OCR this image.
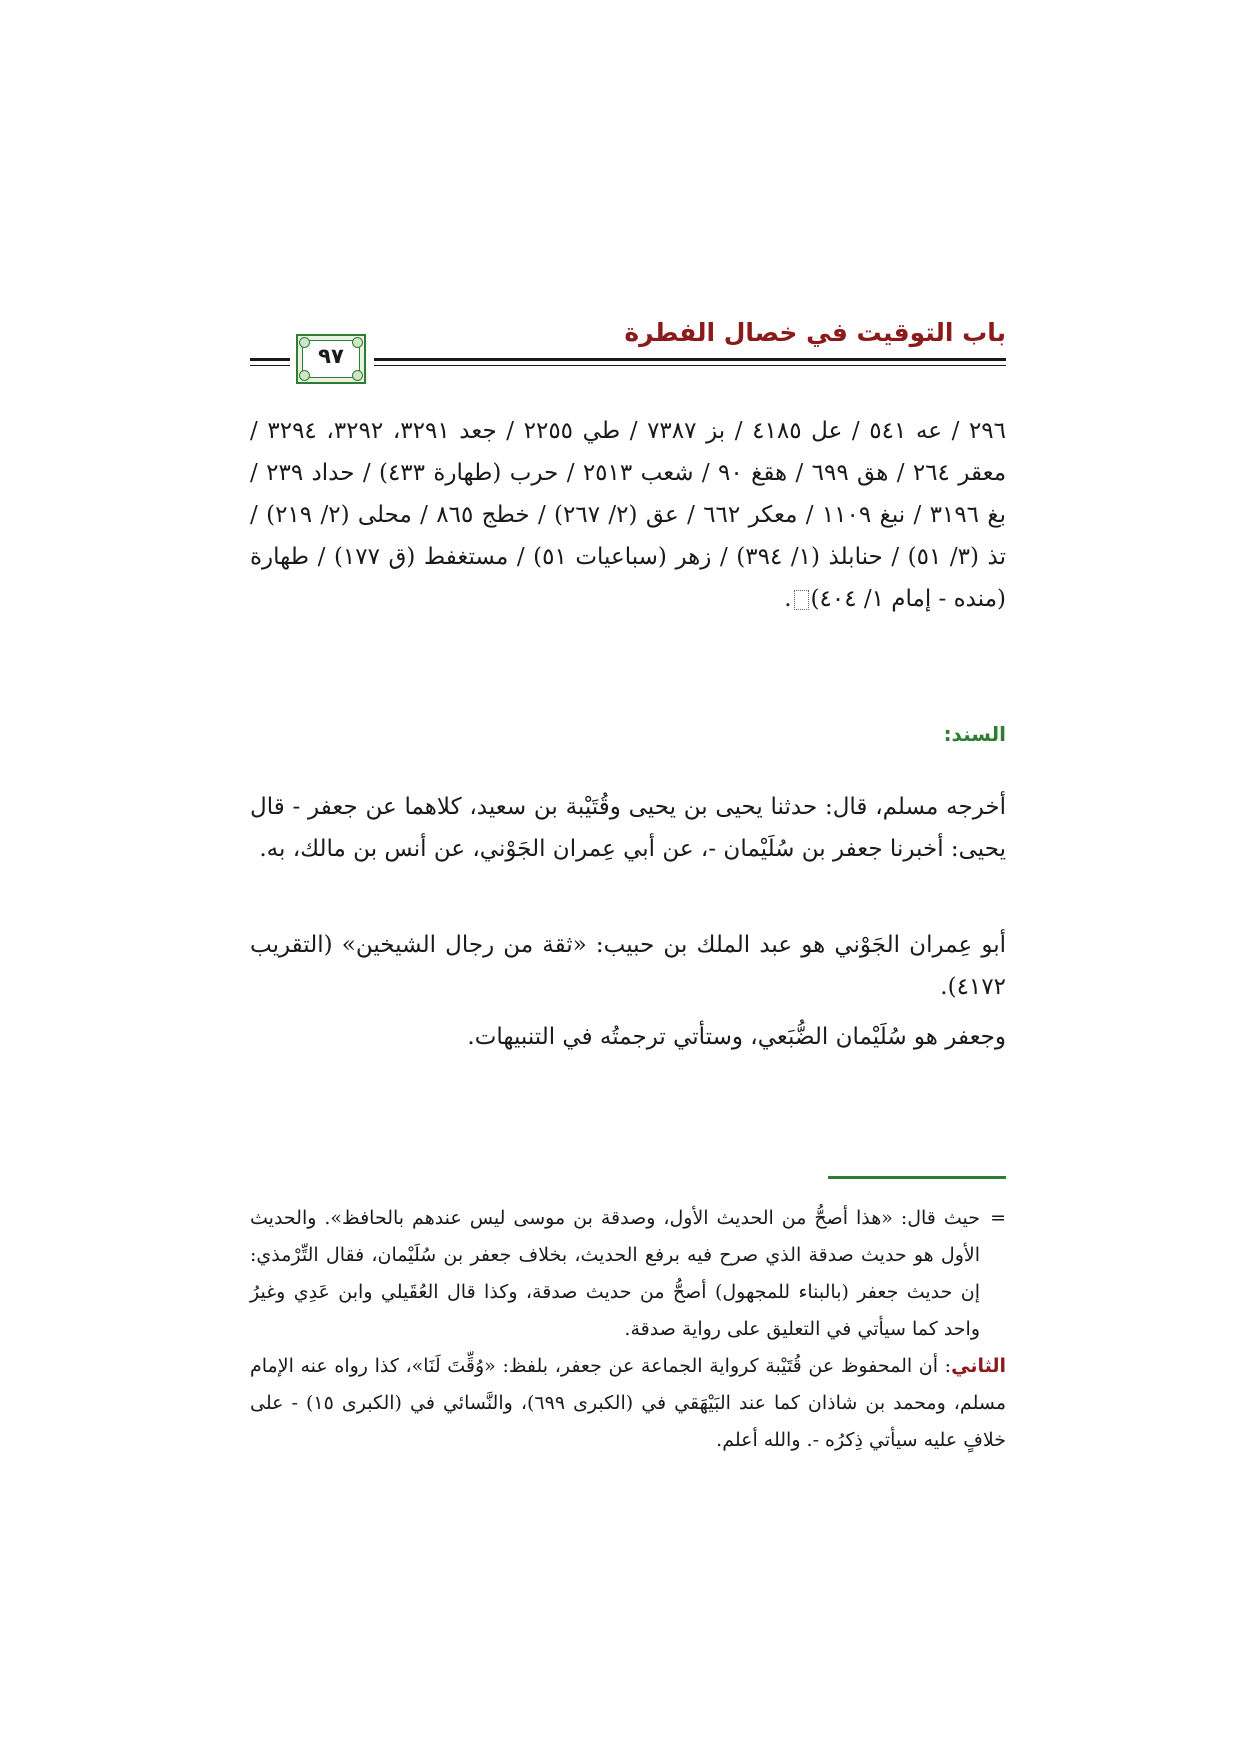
باب التوقيت في خصال الفطرة
٩٧
٢٩٦ / عه ٥٤١ / عل ٤١٨٥ / بز ٧٣٨٧ / طي ٢٢٥٥ / جعد ٣٢٩١، ٣٢٩٢، ٣٢٩٤ / معقر ٢٦٤ / هق ٦٩٩ / هقغ ٩٠ / شعب ٢٥١٣ / حرب (طهارة ٤٣٣) / حداد ٢٣٩ / بغ ٣١٩٦ / نبغ ١١٠٩ / معكر ٦٦٢ / عق (٢/ ٢٦٧) / خطج ٨٦٥ / محلى (٢/ ٢١٩) / تذ (٣/ ٥١) / حنابلذ (١/ ٣٩٤) / زهر (سباعيات ٥١) / مستغفط (ق ١٧٧) / طهارة (منده - إمام ١/ ٤٠٤).
السند:
أخرجه مسلم، قال: حدثنا يحيى بن يحيى وقُتَيْبة بن سعيد، كلاهما عن جعفر - قال يحيى: أخبرنا جعفر بن سُلَيْمان -، عن أبي عِمران الجَوْني، عن أنس بن مالك، به.
أبو عِمران الجَوْني هو عبد الملك بن حبيب: «ثقة من رجال الشيخين» (التقريب ٤١٧٢).
وجعفر هو سُلَيْمان الضُّبَعي، وستأتي ترجمتُه في التنبيهات.

=
حيث قال: «هذا أصحُّ من الحديث الأول، وصدقة بن موسى ليس عندهم بالحافظ». والحديث الأول هو حديث صدقة الذي صرح فيه برفع الحديث، بخلاف جعفر بن سُلَيْمان، فقال التِّرْمذي: إن حديث جعفر (بالبناء للمجهول) أصحُّ من حديث صدقة، وكذا قال العُقَيلي وابن عَدِي وغيرُ واحد كما سيأتي في التعليق على رواية صدقة.

الثاني: أن المحفوظ عن قُتَيْبة كرواية الجماعة عن جعفر، بلفظ: «وُقِّتَ لَنَا»، كذا رواه عنه الإمام مسلم، ومحمد بن شاذان كما عند البَيْهَقي في (الكبرى ٦٩٩)، والنَّسائي في (الكبرى ١٥) - على خلافٍ عليه سيأتي ذِكرُه -. والله أعلم.
